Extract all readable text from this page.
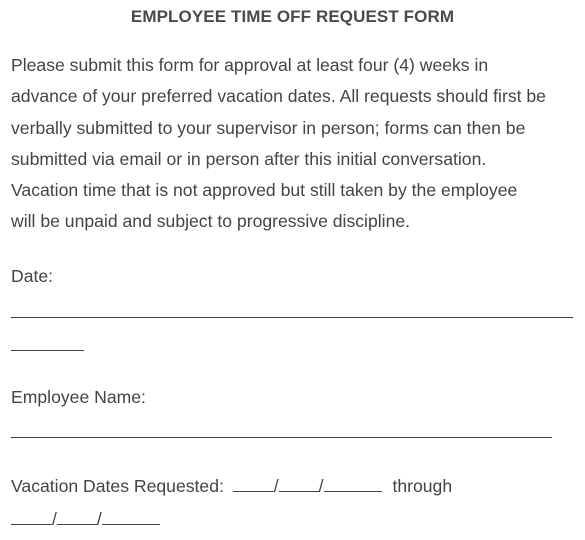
EMPLOYEE TIME OFF REQUEST FORM

Please submit this form for approval at least four (4) weeks in
advance of your preferred vacation dates. All requests should first be
verbally submitted to your supervisor in person; forms can then be
submitted via email or in person after this initial conversation.
Vacation time that is not approved but still taken by the employee
will be unpaid and subject to progressive discipline.

Date:
Employee Name:
Vacation Dates Requested:	/ /	through
/ /
